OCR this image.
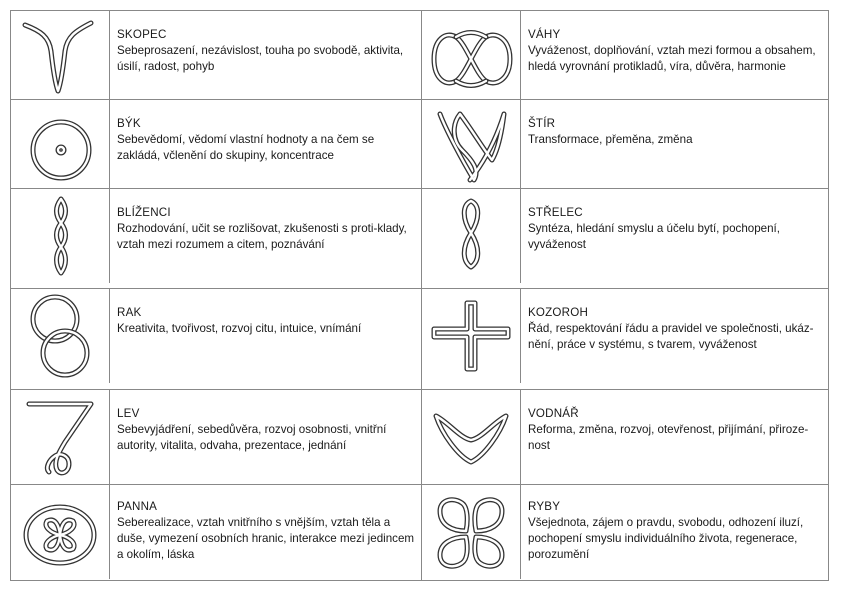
SKOPEC
Sebeprosazení, nezávislost, touha po svobodě, aktivita, úsilí, radost, pohyb
BÝK
Sebevědomí, vědomí vlastní hodnoty a na čem se zakládá, včlenění do skupiny, koncentrace
BLÍŽENCI
Rozhodování, učit se rozlišovat, zkušenosti s proti-klady, vztah mezi rozumem a citem, poznávání
RAK
Kreativita, tvořivost, rozvoj citu, intuice, vnímání
LEV
Sebevyjádření, sebedůvěra, rozvoj osobnosti, vnitřní autority, vitalita, odvaha, prezentace, jednání
PANNA
Seberealizace, vztah vnitřního s vnějším, vztah těla a duše, vymezení osobních hranic, interakce mezi jedincem a okolím, láska
VÁHY
Vyváženost, doplňování, vztah mezi formou a obsahem, hledá vyrovnání protikladů, víra, důvěra, harmonie
ŠTÍR
Transformace, přeměna, změna
STŘELEC
Syntéza, hledání smyslu a účelu bytí, pochopení, vyváženost
KOZOROH
Řád, respektování řádu a pravidel ve společnosti, ukáz-nění, práce v systému, s tvarem, vyváženost
VODNÁŘ
Reforma, změna, rozvoj, otevřenost, přijímání, přiroze-nost
RYBY
Všejednota, zájem o pravdu, svobodu, odhození iluzí, pochopení smyslu individuálního života, regenerace, porozumění
